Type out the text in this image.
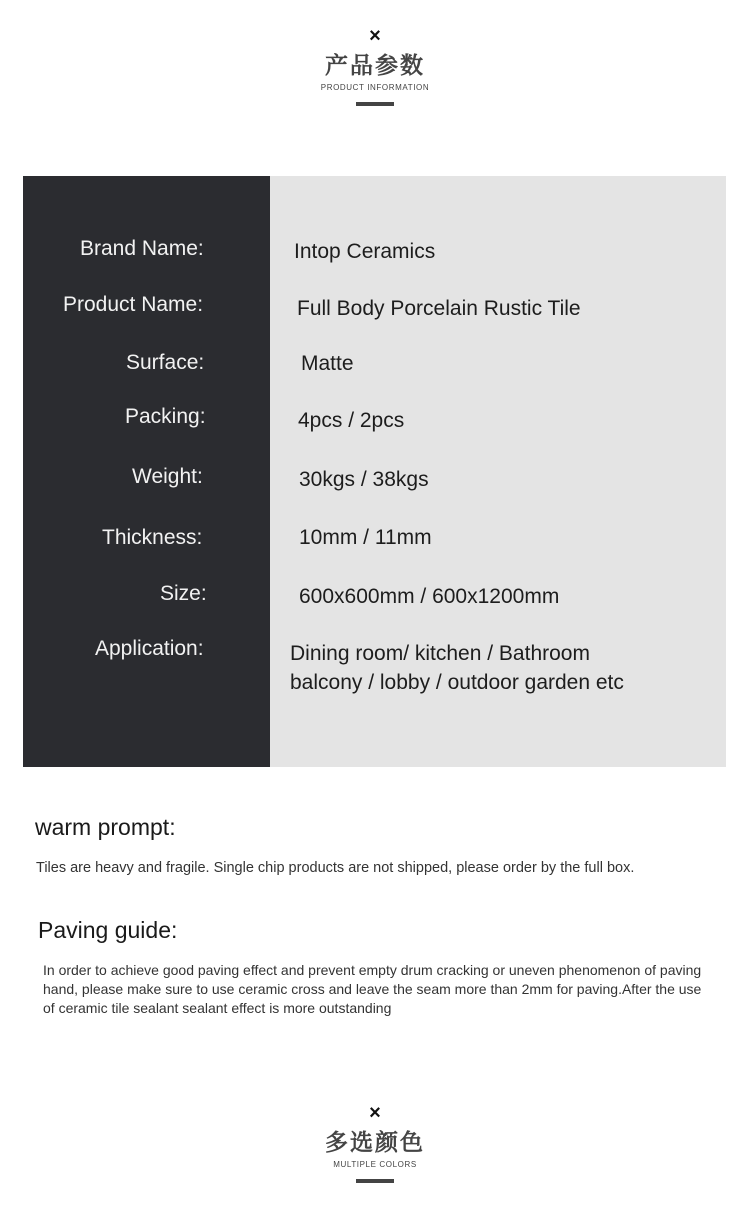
×
产品参数
PRODUCT INFORMATION
Brand Name:	Intop Ceramics
Product Name:	Full Body Porcelain Rustic Tile
Surface:	Matte
Packing:	4pcs / 2pcs
Weight:	30kgs / 38kgs
Thickness:	10mm / 11mm
Size:	600x600mm / 600x1200mm
Application:	Dining room/ kitchen / Bathroom
balcony / lobby / outdoor garden etc
warm prompt:
Tiles are heavy and fragile. Single chip products are not shipped, please order by the full box.
Paving guide:
In order to achieve good paving effect and prevent empty drum cracking or uneven phenomenon of paving hand, please make sure to use ceramic cross and leave the seam more than 2mm for paving.After the use of ceramic tile sealant sealant effect is more outstanding
×
多选颜色
MULTIPLE COLORS
